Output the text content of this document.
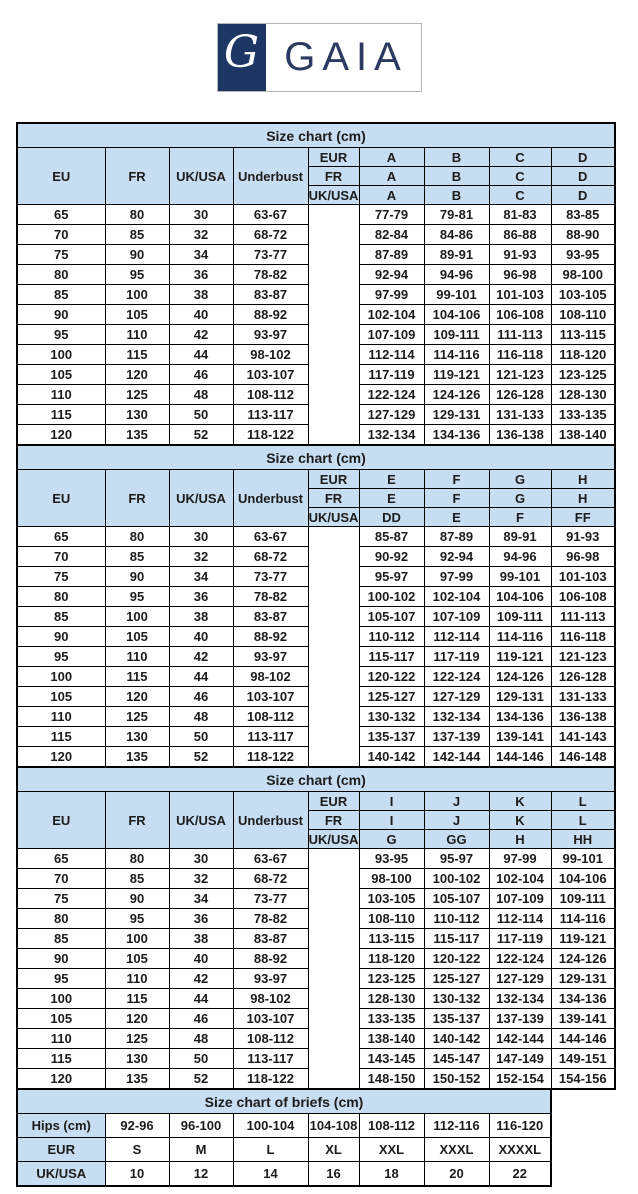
G GAIA
Size chart (cm)								
EU	FR	UK/USA	Underbust	EUR	A	B	C	D
				FR	A	B	C	D
				UK/USA	A	B	C	D
65	80	30	63-67		77-79	79-81	81-83	83-85
70	85	32	68-72		82-84	84-86	86-88	88-90
75	90	34	73-77		87-89	89-91	91-93	93-95
80	95	36	78-82		92-94	94-96	96-98	98-100
85	100	38	83-87		97-99	99-101	101-103	103-105
90	105	40	88-92		102-104	104-106	106-108	108-110
95	110	42	93-97		107-109	109-111	111-113	113-115
100	115	44	98-102		112-114	114-116	116-118	118-120
105	120	46	103-107		117-119	119-121	121-123	123-125
110	125	48	108-112		122-124	124-126	126-128	128-130
115	130	50	113-117		127-129	129-131	131-133	133-135
120	135	52	118-122		132-134	134-136	136-138	138-140
Size chart (cm)								
EU	FR	UK/USA	Underbust	EUR	E	F	G	H
				FR	E	F	G	H
				UK/USA	DD	E	F	FF
65	80	30	63-67		85-87	87-89	89-91	91-93
70	85	32	68-72		90-92	92-94	94-96	96-98
75	90	34	73-77		95-97	97-99	99-101	101-103
80	95	36	78-82		100-102	102-104	104-106	106-108
85	100	38	83-87		105-107	107-109	109-111	111-113
90	105	40	88-92		110-112	112-114	114-116	116-118
95	110	42	93-97		115-117	117-119	119-121	121-123
100	115	44	98-102		120-122	122-124	124-126	126-128
105	120	46	103-107		125-127	127-129	129-131	131-133
110	125	48	108-112		130-132	132-134	134-136	136-138
115	130	50	113-117		135-137	137-139	139-141	141-143
120	135	52	118-122		140-142	142-144	144-146	146-148
Size chart (cm)								
EU	FR	UK/USA	Underbust	EUR	I	J	K	L
				FR	I	J	K	L
				UK/USA	G	GG	H	HH
65	80	30	63-67		93-95	95-97	97-99	99-101
70	85	32	68-72		98-100	100-102	102-104	104-106
75	90	34	73-77		103-105	105-107	107-109	109-111
80	95	36	78-82		108-110	110-112	112-114	114-116
85	100	38	83-87		113-115	115-117	117-119	119-121
90	105	40	88-92		118-120	120-122	122-124	124-126
95	110	42	93-97		123-125	125-127	127-129	129-131
100	115	44	98-102		128-130	130-132	132-134	134-136
105	120	46	103-107		133-135	135-137	137-139	139-141
110	125	48	108-112		138-140	140-142	142-144	144-146
115	130	50	113-117		143-145	145-147	147-149	149-151
120	135	52	118-122		148-150	150-152	152-154	154-156
Size chart of briefs (cm)							
Hips (cm)	92-96	96-100	100-104	104-108	108-112	112-116	116-120
EUR	S	M	L	XL	XXL	XXXL	XXXXL
UK/USA	10	12	14	16	18	20	22
